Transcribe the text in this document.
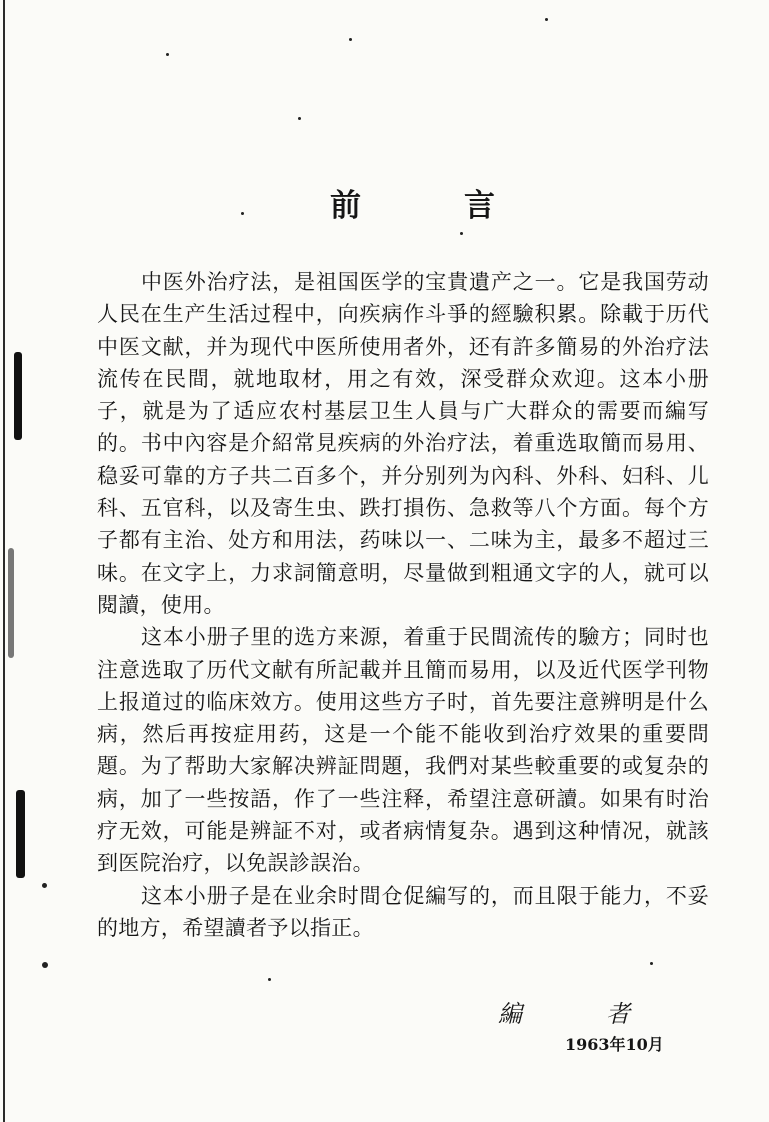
前　言

中医外治疗法，是祖国医学的宝貴遺产之一。它是我国劳动人民在生产生活过程中，向疾病作斗爭的經驗积累。除載于历代中医文献，并为现代中医所使用者外，还有許多簡易的外治疗法流传在民間，就地取材，用之有效，深受群众欢迎。这本小册子，就是为了适应农村基层卫生人員与广大群众的需要而編写的。书中內容是介紹常見疾病的外治疗法，着重选取簡而易用、稳妥可靠的方子共二百多个，并分别列为內科、外科、妇科、儿科、五官科，以及寄生虫、跌打損伤、急救等八个方面。每个方子都有主治、处方和用法，药味以一、二味为主，最多不超过三味。在文字上，力求詞簡意明，尽量做到粗通文字的人，就可以閱讀，使用。

这本小册子里的选方来源，着重于民間流传的驗方；同时也注意选取了历代文献有所記載并且簡而易用，以及近代医学刊物上报道过的临床效方。使用这些方子时，首先要注意辨明是什么病，然后再按症用药，这是一个能不能收到治疗效果的重要問題。为了帮助大家解决辨証問題，我們对某些較重要的或复杂的病，加了一些按語，作了一些注释，希望注意研讀。如果有时治疗无效，可能是辨証不对，或者病情复杂。遇到这种情况，就該到医院治疗，以免誤診誤治。

这本小册子是在业余时間仓促編写的，而且限于能力，不妥的地方，希望讀者予以指正。

編　者
1963年10月
